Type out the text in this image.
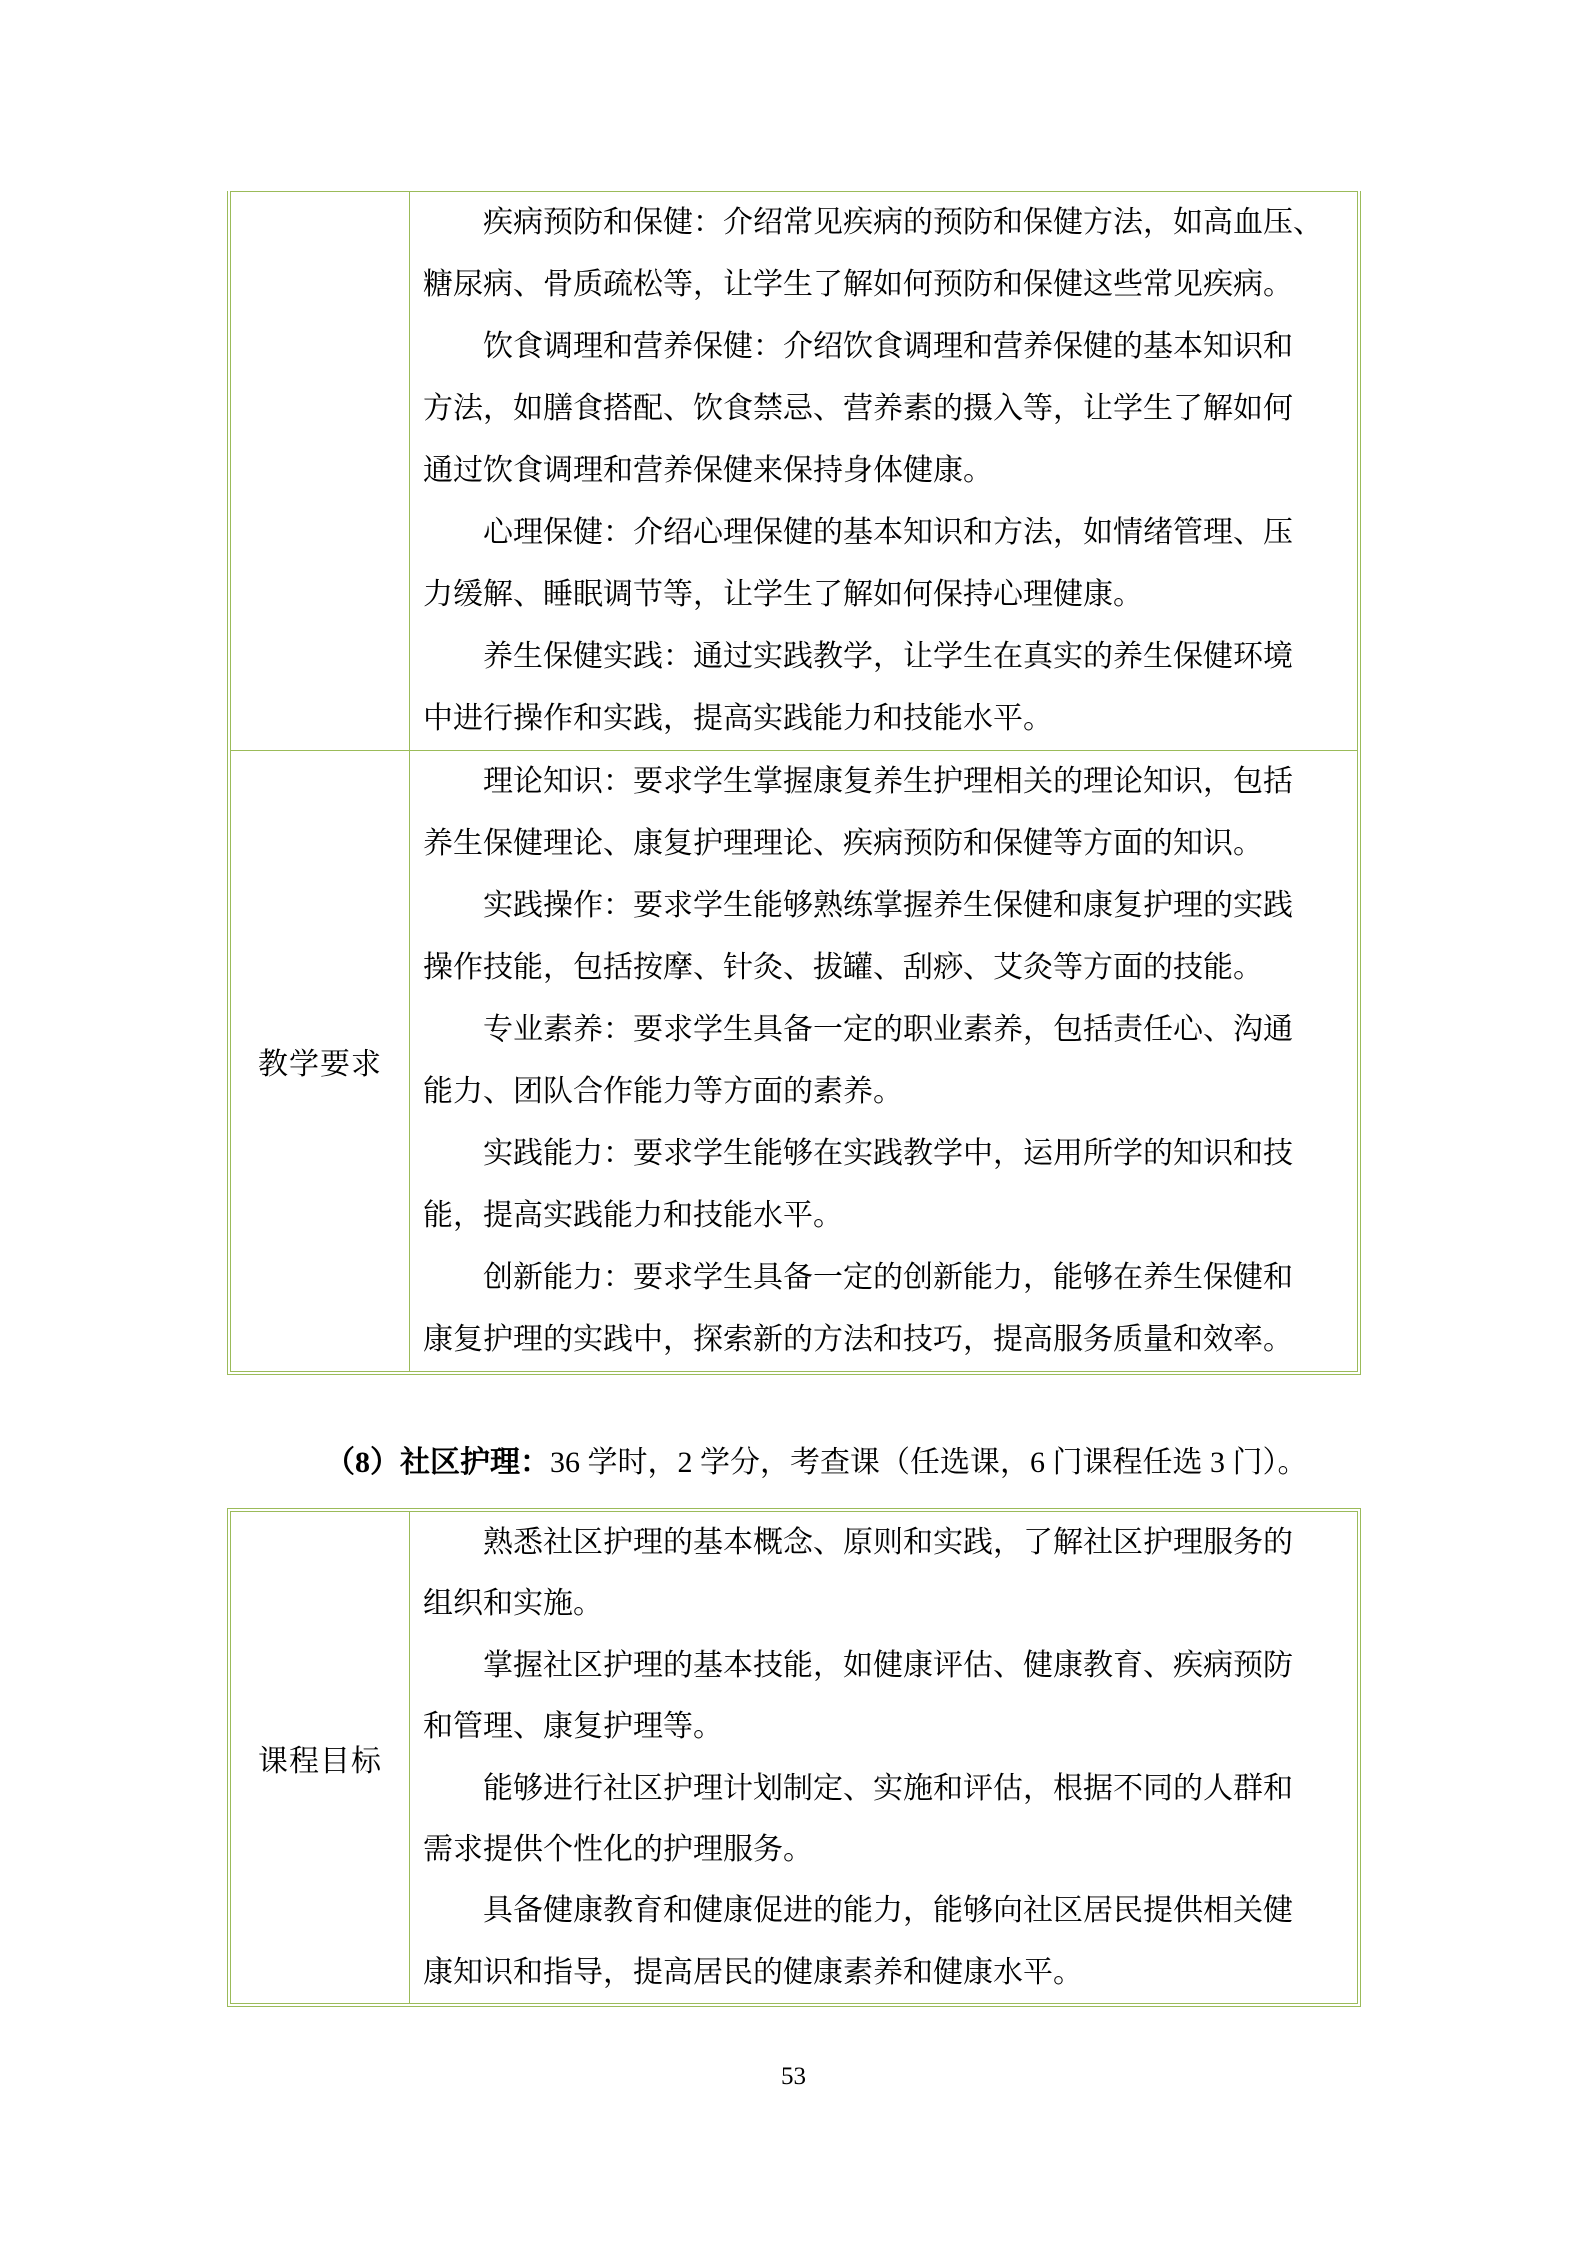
疾病预防和保健：介绍常见疾病的预防和保健方法，如高血压、
糖尿病、骨质疏松等，让学生了解如何预防和保健这些常见疾病。
饮食调理和营养保健：介绍饮食调理和营养保健的基本知识和
方法，如膳食搭配、饮食禁忌、营养素的摄入等，让学生了解如何
通过饮食调理和营养保健来保持身体健康。
心理保健：介绍心理保健的基本知识和方法，如情绪管理、压
力缓解、睡眠调节等，让学生了解如何保持心理健康。
养生保健实践：通过实践教学，让学生在真实的养生保健环境
中进行操作和实践，提高实践能力和技能水平。
教学要求
理论知识：要求学生掌握康复养生护理相关的理论知识，包括
养生保健理论、康复护理理论、疾病预防和保健等方面的知识。
实践操作：要求学生能够熟练掌握养生保健和康复护理的实践
操作技能，包括按摩、针灸、拔罐、刮痧、艾灸等方面的技能。
专业素养：要求学生具备一定的职业素养，包括责任心、沟通
能力、团队合作能力等方面的素养。
实践能力：要求学生能够在实践教学中，运用所学的知识和技
能，提高实践能力和技能水平。
创新能力：要求学生具备一定的创新能力，能够在养生保健和
康复护理的实践中，探索新的方法和技巧，提高服务质量和效率。
（8）社区护理：36 学时，2 学分，考查课（任选课，6 门课程任选 3 门）。
课程目标
熟悉社区护理的基本概念、原则和实践，了解社区护理服务的
组织和实施。
掌握社区护理的基本技能，如健康评估、健康教育、疾病预防
和管理、康复护理等。
能够进行社区护理计划制定、实施和评估，根据不同的人群和
需求提供个性化的护理服务。
具备健康教育和健康促进的能力，能够向社区居民提供相关健
康知识和指导，提高居民的健康素养和健康水平。
53
